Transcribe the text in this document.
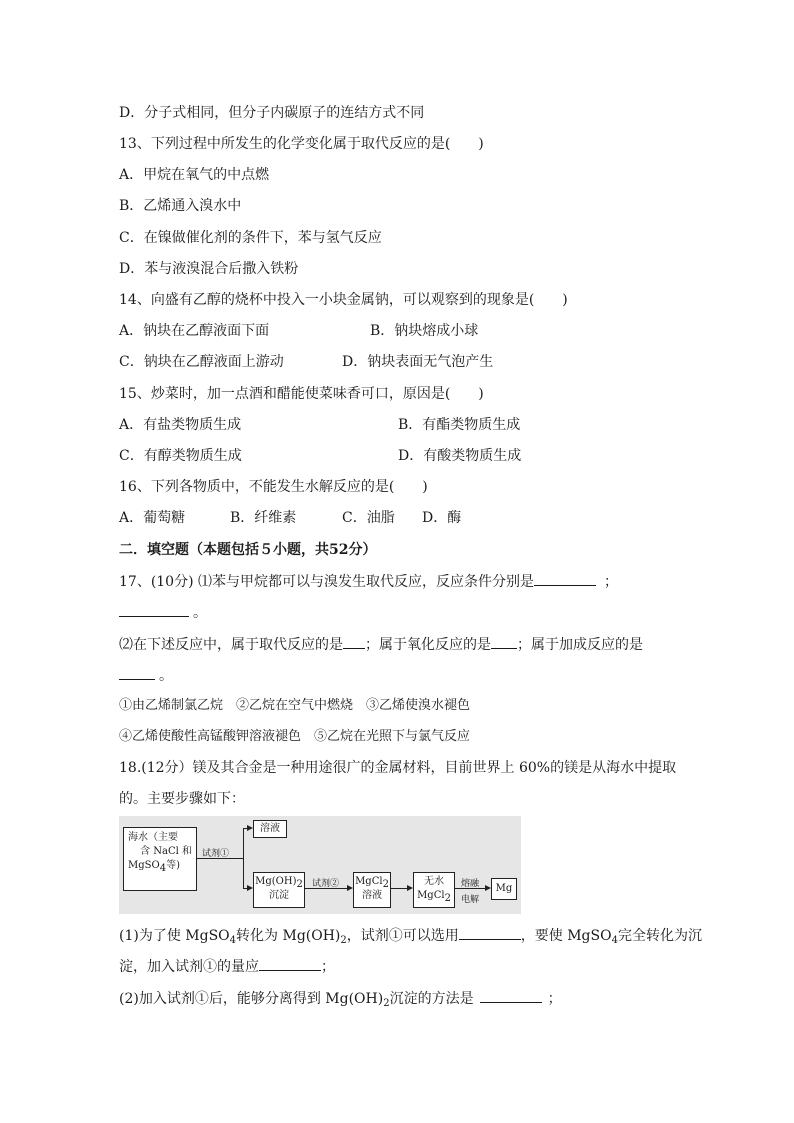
D．分子式相同，但分子内碳原子的连结方式不同
13、下列过程中所发生的化学变化属于取代反应的是(　　)
A．甲烷在氧气的中点燃
B．乙烯通入溴水中
C．在镍做催化剂的条件下，苯与氢气反应
D．苯与液溴混合后撒入铁粉
14、向盛有乙醇的烧杯中投入一小块金属钠，可以观察到的现象是(　　)
A．钠块在乙醇液面下面	B．钠块熔成小球
C．钠块在乙醇液面上游动	D．钠块表面无气泡产生
15、炒菜时，加一点酒和醋能使菜味香可口，原因是(　　)
A．有盐类物质生成	B．有酯类物质生成
C．有醇类物质生成	D．有酸类物质生成
16、下列各物质中，不能发生水解反应的是(　　)
A．葡萄糖	B．纤维素	C．油脂 D．酶
二．填空题（本题包括５小题，共52分）
17、(10分) ⑴苯与甲烷都可以与溴发生取代反应，反应条件分别是	；
。
⑵在下述反应中，属于取代反应的是 ；属于氧化反应的是 ；属于加成反应的是
。
①由乙烯制氯乙烷　②乙烷在空气中燃烧　③乙烯使溴水褪色
④乙烯使酸性高锰酸钾溶液褪色　⑤乙烷在光照下与氯气反应
18.(12分）镁及其合金是一种用途很广的金属材料，目前世界上 60%的镁是从海水中提取
的。主要步骤如下：
海水（主要
含 NaCl 和
MgSO$_4$等)
试剂①
溶液
$Mg(OH)_2$
沉淀
试剂② MgCl$_2$
溶液
无水
MgCl$_2$
熔融
电解
Mg
(1)为了使 MgSO$_4$转化为 $Mg(OH)_2$，试剂①可以选用	，要使 MgSO$_4$完全转化为沉
淀，加入试剂①的量应	；
(2)加入试剂①后，能够分离得到 $Mg(OH)_2$沉淀的方法是	；
